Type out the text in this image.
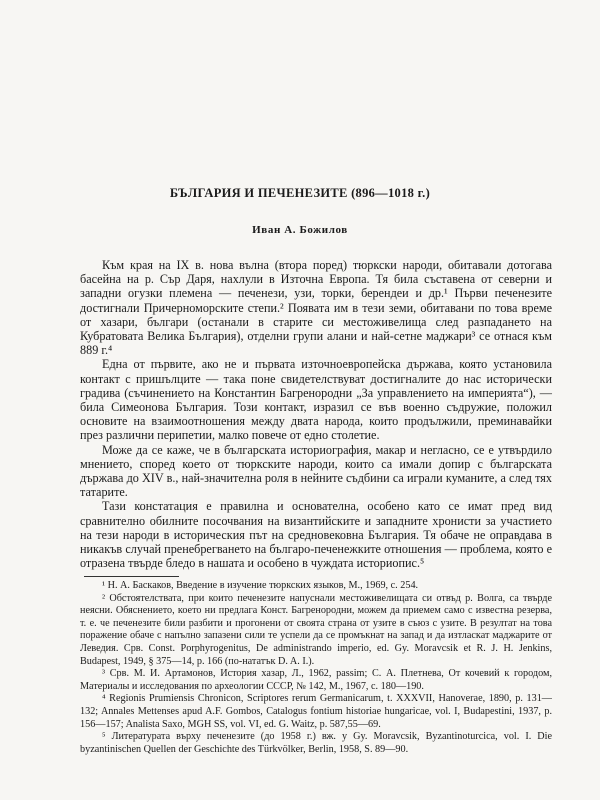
БЪЛГАРИЯ И ПЕЧЕНЕЗИТЕ (896—1018 г.)
Иван А. Божилов

Към края на IX в. нова вълна (втора поред) тюркски народи, обитавали дотогава басейна на р. Сър Даря, нахлули в Източна Европа. Тя била съставена от северни и западни огузки племена — печенези, узи, торки, берендеи и др.¹ Първи печенезите достигнали Причерноморските степи.² Появата им в тези земи, обитавани по това време от хазари, българи (останали в старите си местоживелища след разпадането на Кубратовата Велика България), отделни групи алани и най-сетне маджари³ се отнася към 889 г.⁴

Една от първите, ако не и първата източноевропейска държава, която установила контакт с пришълците — така поне свидетелствуват достигналите до нас исторически градива (съчинението на Константин Багренородни „За управлението на империята“), — била Симеонова България. Този контакт, изразил се във военно съдружие, положил основите на взаимоотношения между двата народа, които продължили, преминавайки през различни перипетии, малко повече от едно столетие.

Може да се каже, че в българската историография, макар и негласно, се е утвърдило мнението, според което от тюркските народи, които са имали допир с българската държава до XIV в., най-значителна роля в нейните съдбини са играли куманите, а след тях татарите.

Тази констатация е правилна и основателна, особено като се имат пред вид сравнително обилните посочвания на византийските и западните хронисти за участието на тези народи в историческия път на средновековна България. Тя обаче не оправдава в никакъв случай пренебрегването на българо-печенежките отношения — проблема, която е отразена твърде бледо в нашата и особено в чуждата историопис.⁵

¹ Н. А. Баскаков, Введение в изучение тюркских языков, М., 1969, с. 254.

² Обстоятелствата, при които печенезите напуснали местоживелищата си отвъд р. Волга, са твърде неясни. Обяснението, което ни предлага Конст. Багренородни, можем да приемем само с известна резерва, т. е. че печенезите били разбити и прогонени от своята страна от узите в съюз с узите. В резултат на това поражение обаче с напълно запазени сили те успели да се промъкнат на запад и да изтласкат маджарите от Леведия. Срв. Const. Porphyrogenitus, De administrando imperio, ed. Gy. Moravcsik et R. J. H. Jenkins, Budapest, 1949, § 375—14, p. 166 (по-нататък D. A. I.).

³ Срв. М. И. Артамонов, История хазар, Л., 1962, passim; С. А. Плетнева, От кочевий к городом, Материалы и исследования по археологии СССР, № 142, М., 1967, с. 180—190.

⁴ Regionis Prumiensis Chronicon, Scriptores rerum Germanicarum, t. XXXVII, Hanoverae, 1890, p. 131—132; Annales Mettenses apud A.F. Gombos, Catalogus fontium historiae hungaricae, vol. I, Budapestini, 1937, p. 156—157; Analista Saxo, MGH SS, vol. VI, ed. G. Waitz, p. 587,55—69.

⁵ Литературата върху печенезите (до 1958 г.) вж. у Gy. Moravcsik, Byzantinoturcica, vol. I. Die byzantinischen Quellen der Geschichte des Türkvölker, Berlin, 1958, S. 89—90.
